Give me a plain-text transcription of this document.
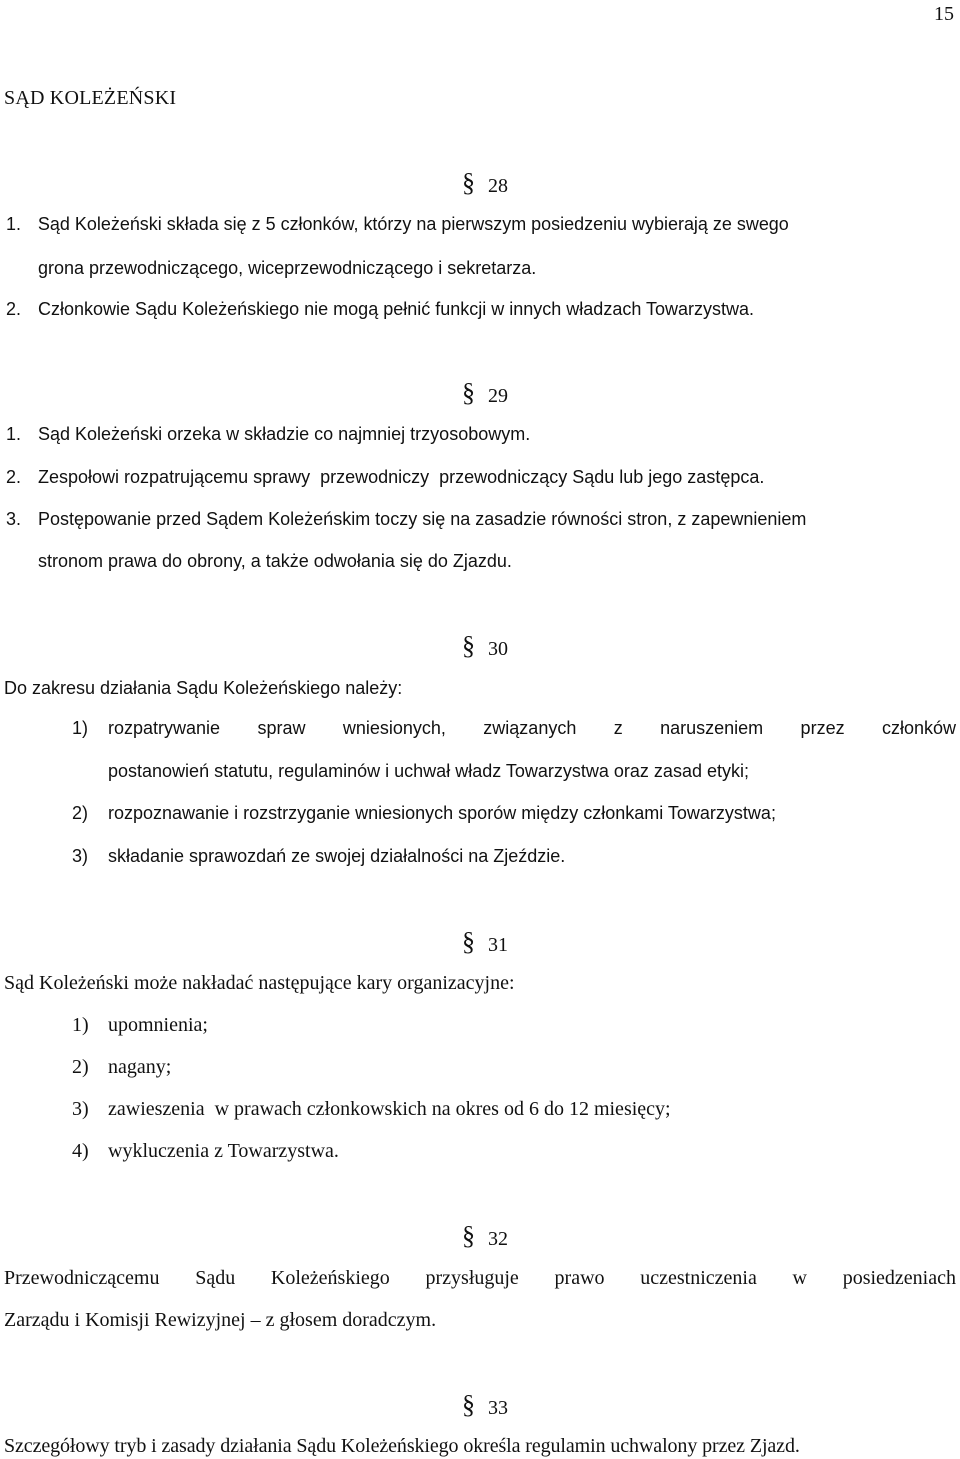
15
SĄD KOLEŻEŃSKI
§ 28
1. Sąd Koleżeński składa się z 5 członków, którzy na pierwszym posiedzeniu wybierają ze swego
grona przewodniczącego, wiceprzewodniczącego i sekretarza.
2. Członkowie Sądu Koleżeńskiego nie mogą pełnić funkcji w innych władzach Towarzystwa.
§ 29
1. Sąd Koleżeński orzeka w składzie co najmniej trzyosobowym.
2. Zespołowi rozpatrującemu sprawy  przewodniczy  przewodniczący Sądu lub jego zastępca.
3. Postępowanie przed Sądem Koleżeńskim toczy się na zasadzie równości stron, z zapewnieniem
stronom prawa do obrony, a także odwołania się do Zjazdu.
§ 30
Do zakresu działania Sądu Koleżeńskiego należy:
1)	rozpatrywanie spraw wniesionych, związanych z naruszeniem przez członków
postanowień statutu, regulaminów i uchwał władz Towarzystwa oraz zasad etyki;
2) rozpoznawanie i rozstrzyganie wniesionych sporów między członkami Towarzystwa;
3) składanie sprawozdań ze swojej działalności na Zjeździe.
§ 31
Sąd Koleżeński może nakładać następujące kary organizacyjne:
1) upomnienia;
2) nagany;
3) zawieszenia  w prawach członkowskich na okres od 6 do 12 miesięcy;
4) wykluczenia z Towarzystwa.
§ 32
Przewodniczącemu Sądu Koleżeńskiego przysługuje prawo uczestniczenia w posiedzeniach
Zarządu i Komisji Rewizyjnej – z głosem doradczym.
§ 33
Szczegółowy tryb i zasady działania Sądu Koleżeńskiego określa regulamin uchwalony przez Zjazd.
